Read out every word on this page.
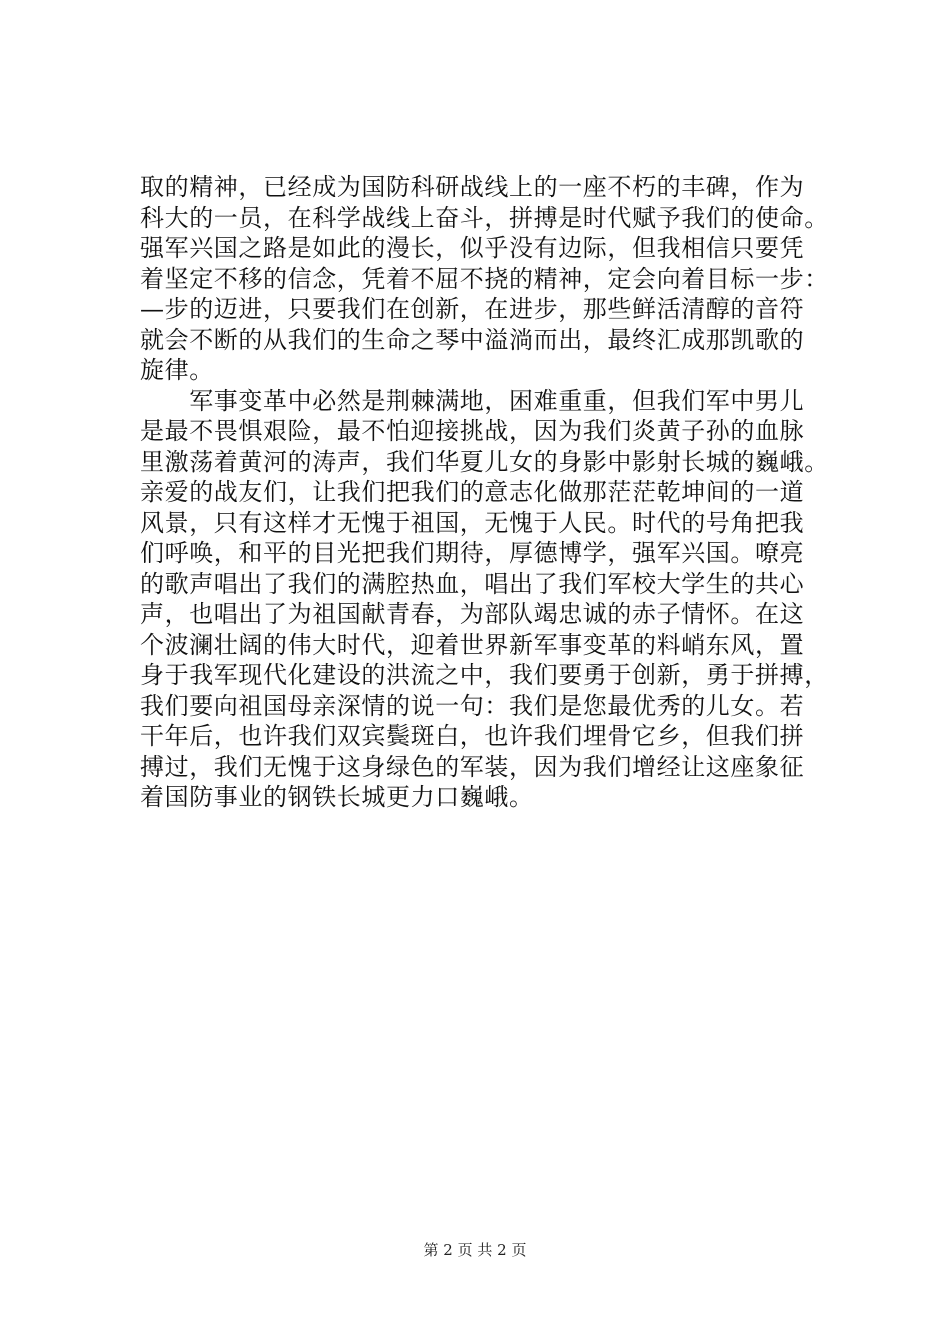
取的精神，已经成为国防科研战线上的一座不朽的丰碑，作为
科大的一员，在科学战线上奋斗，拼搏是时代赋予我们的使命。
强军兴国之路是如此的漫长，似乎没有边际，但我相信只要凭
着坚定不移的信念，凭着不屈不挠的精神，定会向着目标一步：
—步的迈进，只要我们在创新，在进步，那些鲜活清醇的音符
就会不断的从我们的生命之琴中溢淌而出，最终汇成那凯歌的
旋律。
　　军事变革中必然是荆棘满地，困难重重，但我们军中男儿
是最不畏惧艰险，最不怕迎接挑战，因为我们炎黄子孙的血脉
里激荡着黄河的涛声，我们华夏儿女的身影中影射长城的巍峨。
亲爱的战友们，让我们把我们的意志化做那茫茫乾坤间的一道
风景，只有这样才无愧于祖国，无愧于人民。时代的号角把我
们呼唤，和平的目光把我们期待，厚德博学，强军兴国。嘹亮
的歌声唱出了我们的满腔热血，唱出了我们军校大学生的共心
声，也唱出了为祖国献青春，为部队竭忠诚的赤子情怀。在这
个波澜壮阔的伟大时代，迎着世界新军事变革的料峭东风，置
身于我军现代化建设的洪流之中，我们要勇于创新，勇于拼搏，
我们要向祖国母亲深情的说一句：我们是您最优秀的儿女。若
干年后，也许我们双宾鬓斑白，也许我们埋骨它乡，但我们拼
搏过，我们无愧于这身绿色的军装，因为我们增经让这座象征
着国防事业的钢铁长城更力口巍峨。
第 2 页 共 2 页
